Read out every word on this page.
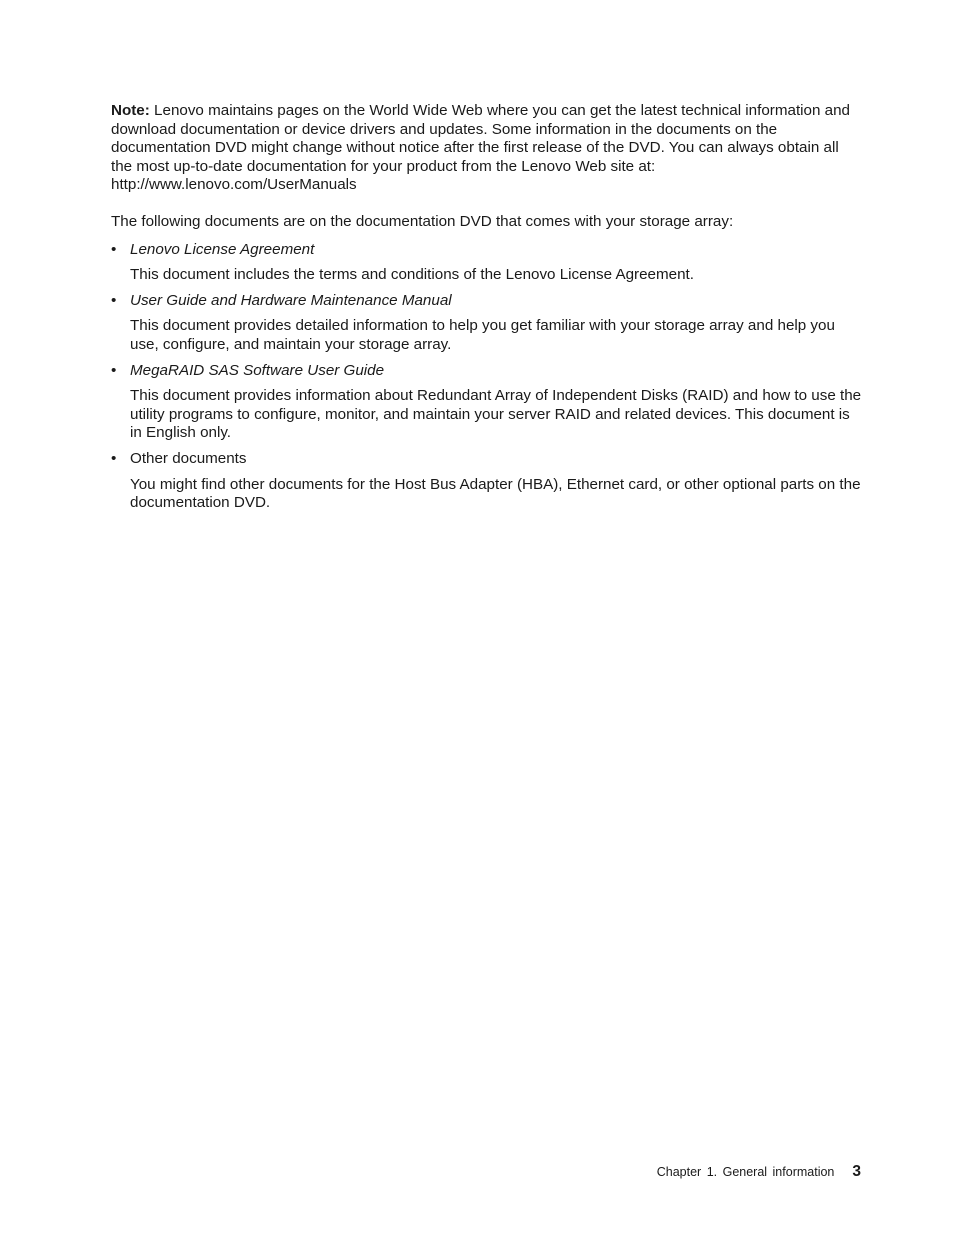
Note: Lenovo maintains pages on the World Wide Web where you can get the latest technical information and download documentation or device drivers and updates. Some information in the documents on the documentation DVD might change without notice after the first release of the DVD. You can always obtain all the most up-to-date documentation for your product from the Lenovo Web site at:
http://www.lenovo.com/UserManuals

The following documents are on the documentation DVD that comes with your storage array:

• Lenovo License Agreement
This document includes the terms and conditions of the Lenovo License Agreement.
• User Guide and Hardware Maintenance Manual
This document provides detailed information to help you get familiar with your storage array and help you use, configure, and maintain your storage array.
• MegaRAID SAS Software User Guide
This document provides information about Redundant Array of Independent Disks (RAID) and how to use the utility programs to configure, monitor, and maintain your server RAID and related devices. This document is in English only.
• Other documents
You might find other documents for the Host Bus Adapter (HBA), Ethernet card, or other optional parts on the documentation DVD.
Chapter 1. General information 3
